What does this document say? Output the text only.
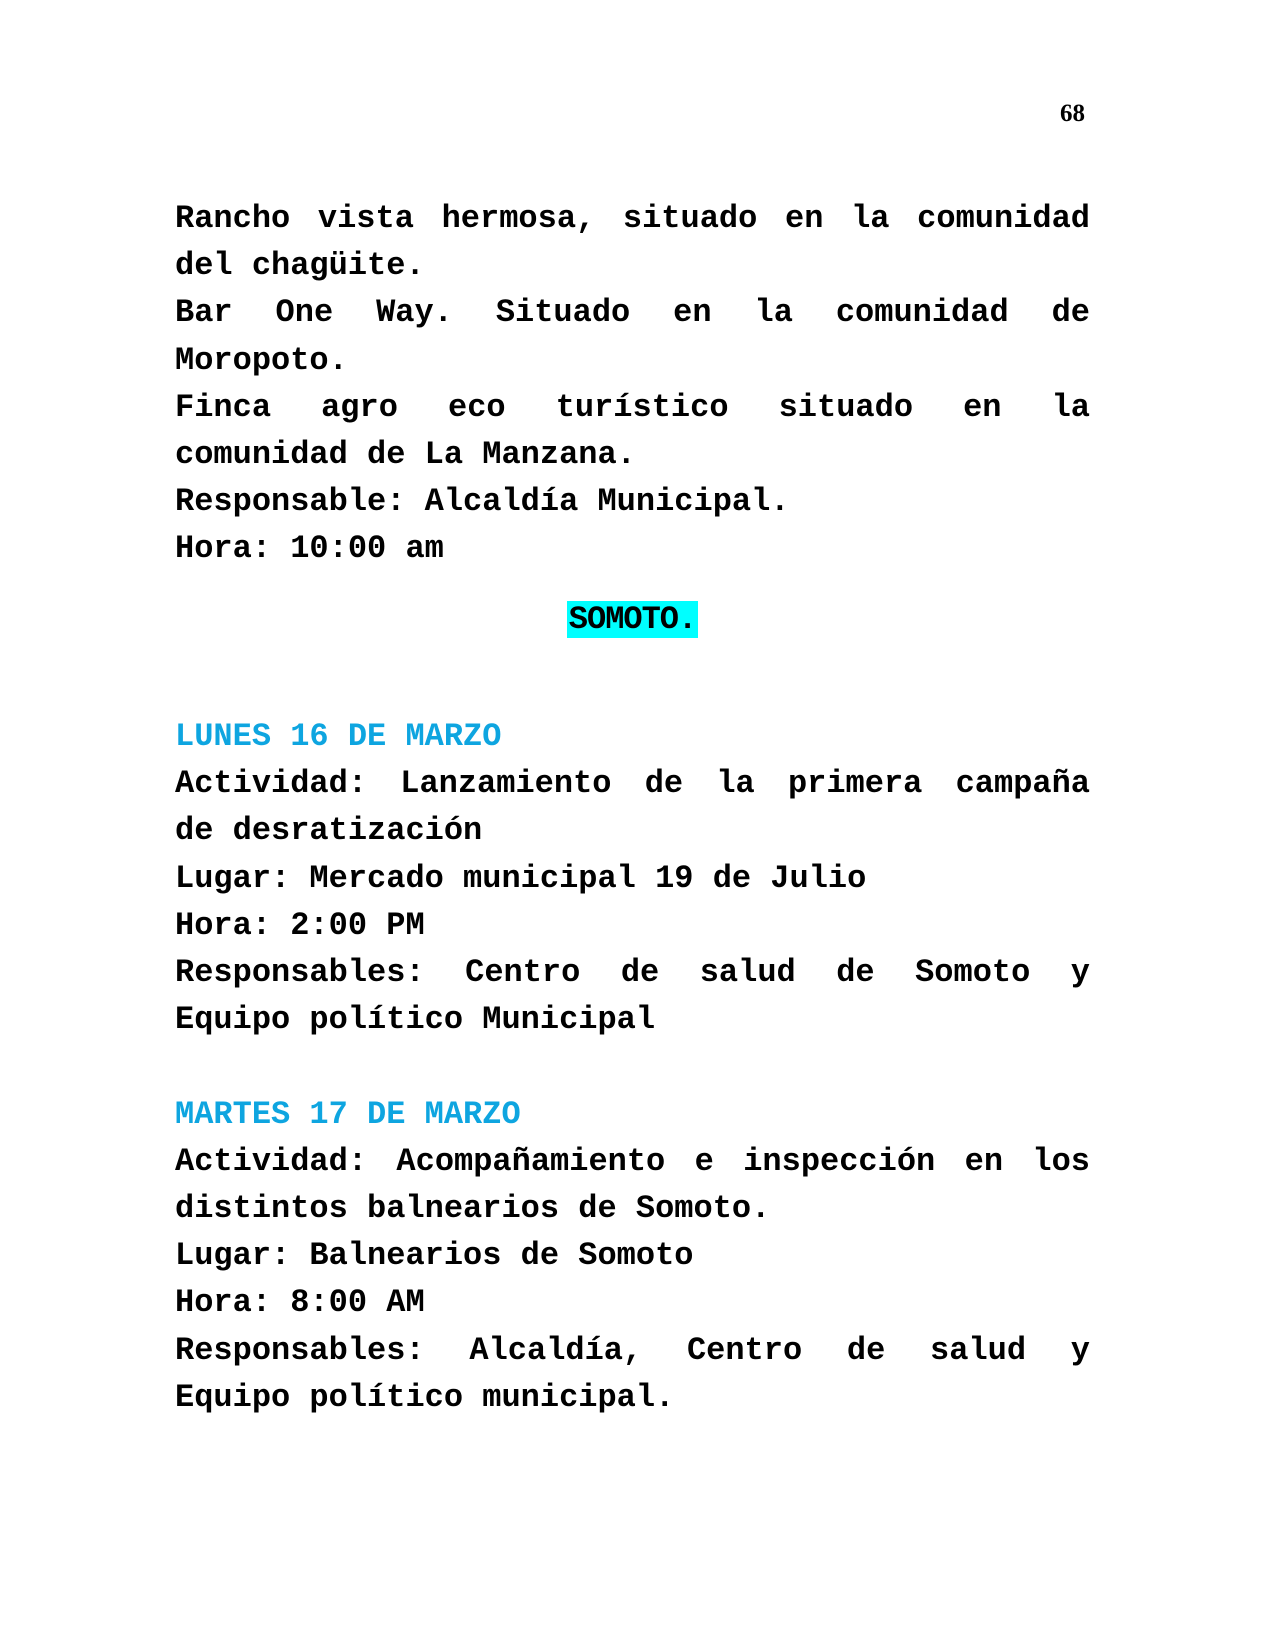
68
Rancho vista hermosa, situado en la comunidad
del chagüite.
Bar One Way. Situado en la comunidad de
Moropoto.
Finca agro eco turístico situado en la
comunidad de La Manzana.
Responsable: Alcaldía Municipal.
Hora: 10:00 am
SOMOTO.
LUNES 16 DE MARZO
Actividad: Lanzamiento de la primera campaña
de desratización
Lugar: Mercado municipal 19 de Julio
Hora: 2:00 PM
Responsables: Centro de salud de Somoto y
Equipo político Municipal
MARTES 17 DE MARZO
Actividad: Acompañamiento e inspección en los
distintos balnearios de Somoto.
Lugar: Balnearios de Somoto
Hora: 8:00 AM
Responsables: Alcaldía, Centro de salud y
Equipo político municipal.
